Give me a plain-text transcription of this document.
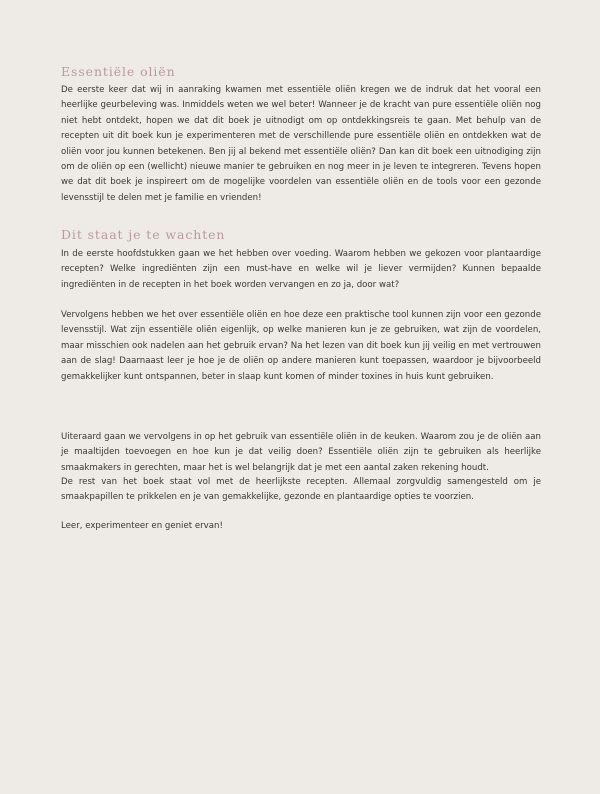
Essentiële oliën

De eerste keer dat wij in aanraking kwamen met essentiële oliën kregen we de indruk dat het vooral een heerlijke geurbeleving was. Inmiddels weten we wel beter! Wanneer je de kracht van pure essentiële oliën nog niet hebt ontdekt, hopen we dat dit boek je uitnodigt om op ontdekkingsreis te gaan. Met behulp van de recepten uit dit boek kun je experimenteren met de verschillende pure essentiële oliën en ontdekken wat de oliën voor jou kunnen betekenen. Ben jij al bekend met essentiële oliën? Dan kan dit boek een uitnodiging zijn om de oliën op een (wellicht) nieuwe manier te gebruiken en nog meer in je leven te integreren. Tevens hopen we dat dit boek je inspireert om de mogelijke voordelen van essentiële oliën en de tools voor een gezonde levensstijl te delen met je familie en vrienden!

Dit staat je te wachten

In de eerste hoofdstukken gaan we het hebben over voeding. Waarom hebben we gekozen voor plantaardige recepten? Welke ingrediënten zijn een must-have en welke wil je liever vermijden? Kunnen bepaalde ingrediënten in de recepten in het boek worden vervangen en zo ja, door wat?

Vervolgens hebben we het over essentiële oliën en hoe deze een praktische tool kunnen zijn voor een gezonde levensstijl. Wat zijn essentiële oliën eigenlijk, op welke manieren kun je ze gebruiken, wat zijn de voordelen, maar misschien ook nadelen aan het gebruik ervan? Na het lezen van dit boek kun jij veilig en met vertrouwen aan de slag! Daarnaast leer je hoe je de oliën op andere manieren kunt toepassen, waardoor je bijvoorbeeld gemakkelijker kunt ontspannen, beter in slaap kunt komen of minder toxines in huis kunt gebruiken.

Uiteraard gaan we vervolgens in op het gebruik van essentiële oliën in de keuken. Waarom zou je de oliën aan je maaltijden toevoegen en hoe kun je dat veilig doen? Essentiële oliën zijn te gebruiken als heerlijke smaakmakers in gerechten, maar het is wel belangrijk dat je met een aantal zaken rekening houdt.

De rest van het boek staat vol met de heerlijkste recepten. Allemaal zorgvuldig samengesteld om je smaakpapillen te prikkelen en je van gemakkelijke, gezonde en plantaardige opties te voorzien.

Leer, experimenteer en geniet ervan!
